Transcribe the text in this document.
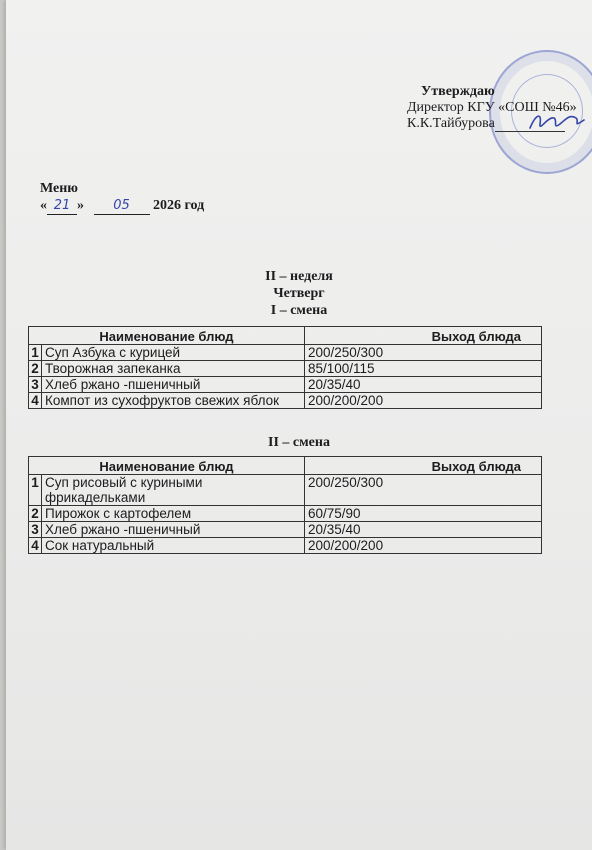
Утверждаю
Директор КГУ «СОШ №46»
К.К.Тайбурова
Меню
« 21 » 05 2026 год
II – неделя
Четверг
I – смена
Наименование блюд		Выход блюда
1	Суп Азбука с курицей	200/250/300
2	Творожная запеканка	85/100/115
3	Хлеб ржано -пшеничный	20/35/40
4	Компот из сухофруктов свежих яблок	200/200/200
II – смена
Наименование блюд		Выход блюда
1	Суп рисовый с куриными фрикадельками	200/250/300
2	Пирожок с картофелем	60/75/90
3	Хлеб ржано -пшеничный	20/35/40
4	Сок натуральный	200/200/200
